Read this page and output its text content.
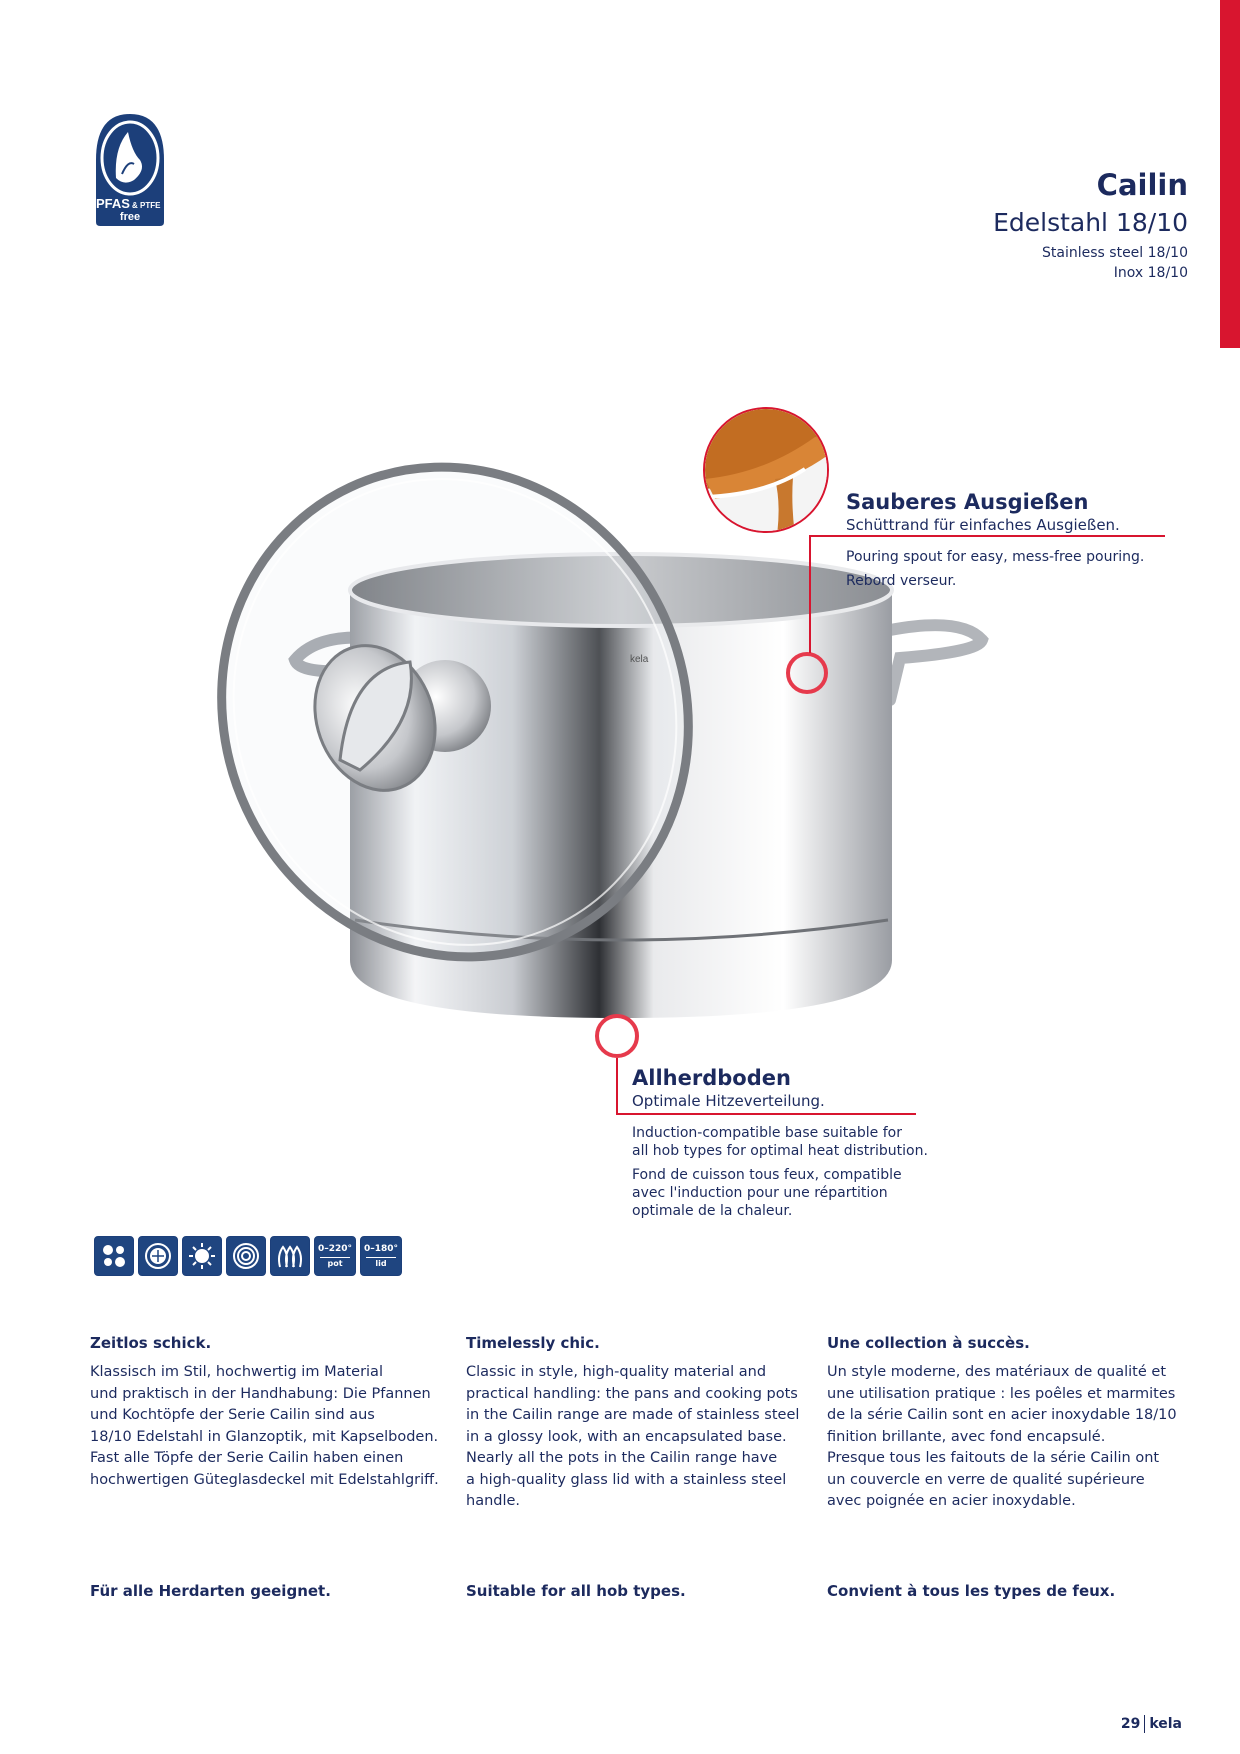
PFAS & PTFE
free
Cailin
Edelstahl 18/10
Stainless steel 18/10
Inox 18/10
Sauberes Ausgießen
Schüttrand für einfaches Ausgießen.
Pouring spout for easy, mess-free pouring.
Rebord verseur.
Allherdboden
Optimale Hitzeverteilung.
Induction-compatible base suitable for
all hob types for optimal heat distribution.
Fond de cuisson tous feux, compatible
avec l'induction pour une répartition
optimale de la chaleur.
0–220°
pot
0–180°
lid
Zeitlos schick.
Klassisch im Stil, hochwertig im Material
und praktisch in der Handhabung: Die Pfannen
und Kochtöpfe der Serie Cailin sind aus
18/10 Edelstahl in Glanzoptik, mit Kapselboden.
Fast alle Töpfe der Serie Cailin haben einen
hochwertigen Güteglasdeckel mit Edelstahlgriff.
Timelessly chic.
Classic in style, high-quality material and
practical handling: the pans and cooking pots
in the Cailin range are made of stainless steel
in a glossy look, with an encapsulated base.
Nearly all the pots in the Cailin range have
a high-quality glass lid with a stainless steel
handle.
Une collection à succès.
Un style moderne, des matériaux de qualité et
une utilisation pratique : les poêles et marmites
de la série Cailin sont en acier inoxydable 18/10
finition brillante, avec fond encapsulé.
Presque tous les faitouts de la série Cailin ont
un couvercle en verre de qualité supérieure
avec poignée en acier inoxydable.
Für alle Herdarten geeignet.	Suitable for all hob types.	Convient à tous les types de feux.
29 kela
